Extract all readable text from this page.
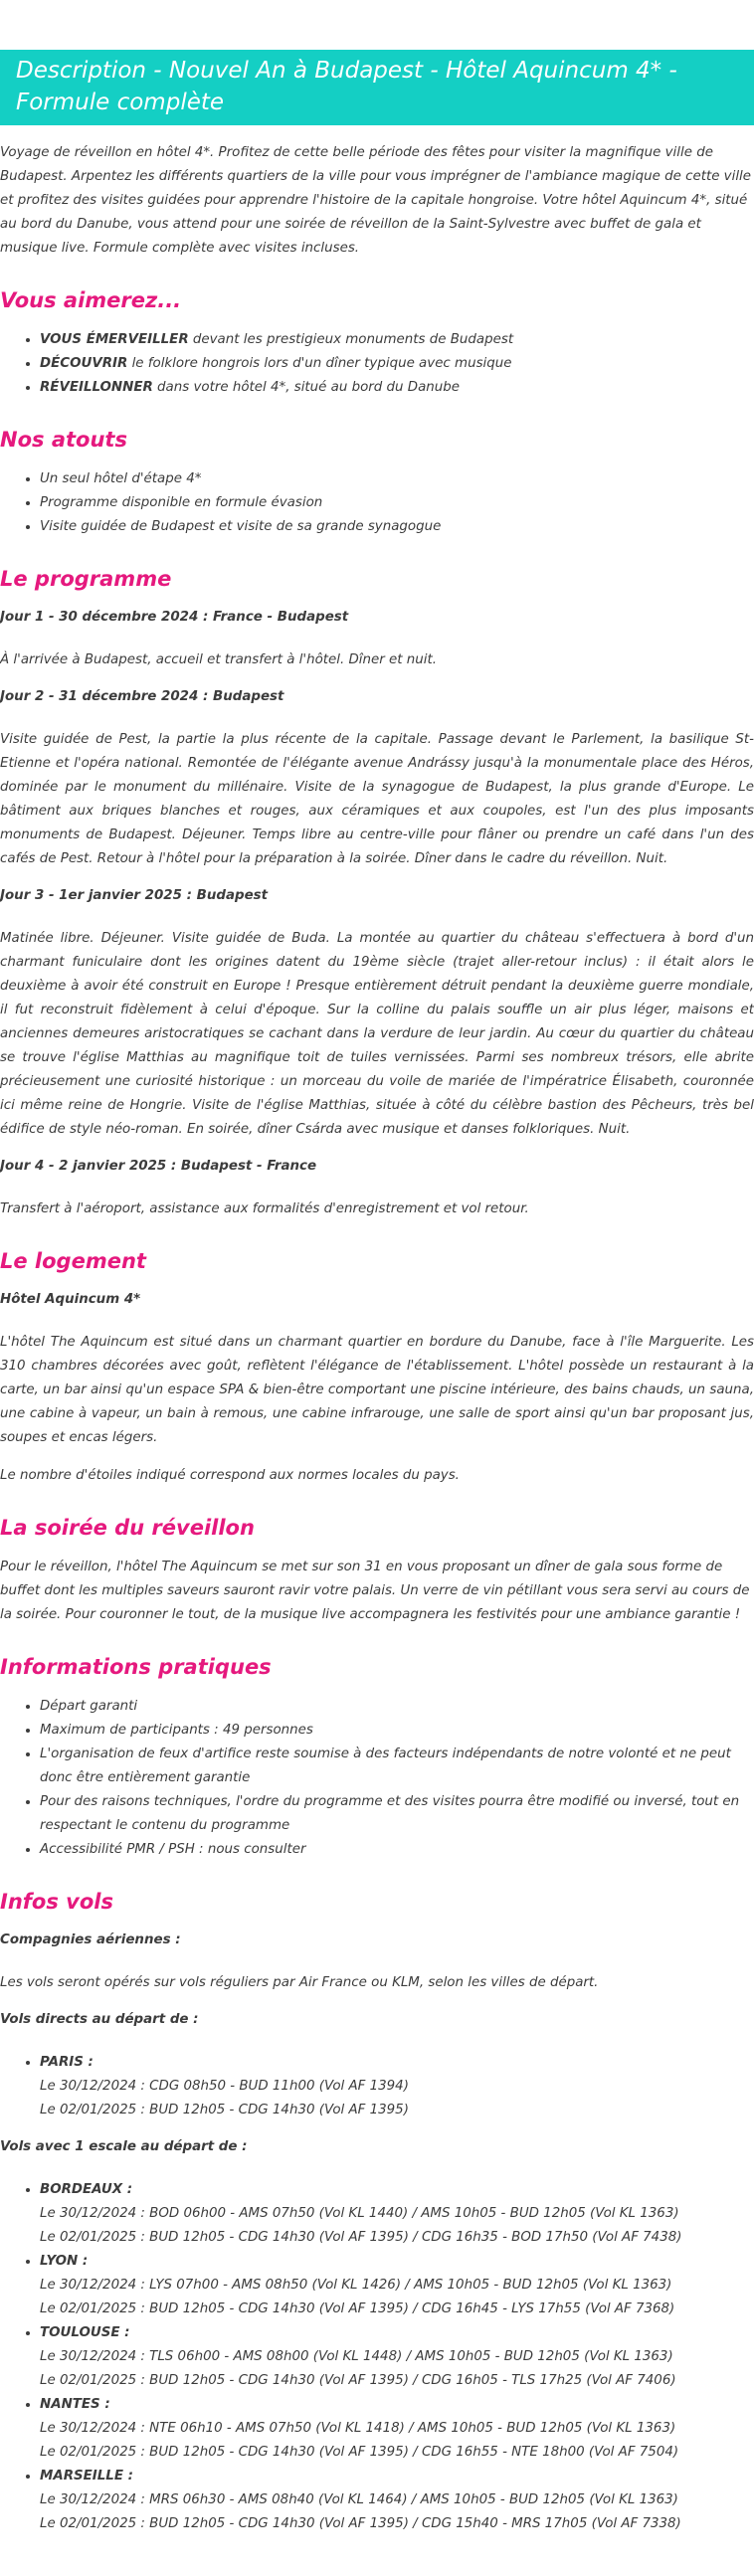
Description - Nouvel An à Budapest - Hôtel Aquincum 4* - Formule complète

Voyage de réveillon en hôtel 4*. Profitez de cette belle période des fêtes pour visiter la magnifique ville de Budapest. Arpentez les différents quartiers de la ville pour vous imprégner de l'ambiance magique de cette ville et profitez des visites guidées pour apprendre l'histoire de la capitale hongroise. Votre hôtel Aquincum 4*, situé au bord du Danube, vous attend pour une soirée de réveillon de la Saint-Sylvestre avec buffet de gala et musique live. Formule complète avec visites incluses.

Vous aimerez...
• VOUS ÉMERVEILLER devant les prestigieux monuments de Budapest
• DÉCOUVRIR le folklore hongrois lors d'un dîner typique avec musique
• RÉVEILLONNER dans votre hôtel 4*, situé au bord du Danube
Nos atouts
• Un seul hôtel d'étape 4*
• Programme disponible en formule évasion
• Visite guidée de Budapest et visite de sa grande synagogue
Le programme
Jour 1 - 30 décembre 2024 : France - Budapest

À l'arrivée à Budapest, accueil et transfert à l'hôtel. Dîner et nuit.

Jour 2 - 31 décembre 2024 : Budapest

Visite guidée de Pest, la partie la plus récente de la capitale. Passage devant le Parlement, la basilique St-Etienne et l'opéra national. Remontée de l'élégante avenue Andrássy jusqu'à la monumentale place des Héros, dominée par le monument du millénaire. Visite de la synagogue de Budapest, la plus grande d'Europe. Le bâtiment aux briques blanches et rouges, aux céramiques et aux coupoles, est l'un des plus imposants monuments de Budapest. Déjeuner. Temps libre au centre-ville pour flâner ou prendre un café dans l'un des cafés de Pest. Retour à l'hôtel pour la préparation à la soirée. Dîner dans le cadre du réveillon. Nuit.

Jour 3 - 1er janvier 2025 : Budapest

Matinée libre. Déjeuner. Visite guidée de Buda. La montée au quartier du château s'effectuera à bord d'un charmant funiculaire dont les origines datent du 19ème siècle (trajet aller-retour inclus) : il était alors le deuxième à avoir été construit en Europe ! Presque entièrement détruit pendant la deuxième guerre mondiale, il fut reconstruit fidèlement à celui d'époque. Sur la colline du palais souffle un air plus léger, maisons et anciennes demeures aristocratiques se cachant dans la verdure de leur jardin. Au cœur du quartier du château se trouve l'église Matthias au magnifique toit de tuiles vernissées. Parmi ses nombreux trésors, elle abrite précieusement une curiosité historique : un morceau du voile de mariée de l'impératrice Élisabeth, couronnée ici même reine de Hongrie. Visite de l'église Matthias, située à côté du célèbre bastion des Pêcheurs, très bel édifice de style néo-roman. En soirée, dîner Csárda avec musique et danses folkloriques. Nuit.

Jour 4 - 2 janvier 2025 : Budapest - France

Transfert à l'aéroport, assistance aux formalités d'enregistrement et vol retour.

Le logement
Hôtel Aquincum 4*

L'hôtel The Aquincum est situé dans un charmant quartier en bordure du Danube, face à l'île Marguerite. Les 310 chambres décorées avec goût, reflètent l'élégance de l'établissement. L'hôtel possède un restaurant à la carte, un bar ainsi qu'un espace SPA & bien-être comportant une piscine intérieure, des bains chauds, un sauna, une cabine à vapeur, un bain à remous, une cabine infrarouge, une salle de sport ainsi qu'un bar proposant jus, soupes et encas légers.

Le nombre d'étoiles indiqué correspond aux normes locales du pays.

La soirée du réveillon

Pour le réveillon, l'hôtel The Aquincum se met sur son 31 en vous proposant un dîner de gala sous forme de buffet dont les multiples saveurs sauront ravir votre palais. Un verre de vin pétillant vous sera servi au cours de la soirée. Pour couronner le tout, de la musique live accompagnera les festivités pour une ambiance garantie !

Informations pratiques
• Départ garanti
• Maximum de participants : 49 personnes
• L'organisation de feux d'artifice reste soumise à des facteurs indépendants de notre volonté et ne peut donc être entièrement garantie
• Pour des raisons techniques, l'ordre du programme et des visites pourra être modifié ou inversé, tout en respectant le contenu du programme
• Accessibilité PMR / PSH : nous consulter
Infos vols
Compagnies aériennes :

Les vols seront opérés sur vols réguliers par Air France ou KLM, selon les villes de départ.

Vols directs au départ de :
• PARIS :
Le 30/12/2024 : CDG 08h50 - BUD 11h00 (Vol AF 1394)
Le 02/01/2025 : BUD 12h05 - CDG 14h30 (Vol AF 1395)
Vols avec 1 escale au départ de :
• BORDEAUX :
Le 30/12/2024 : BOD 06h00 - AMS 07h50 (Vol KL 1440) / AMS 10h05 - BUD 12h05 (Vol KL 1363)
Le 02/01/2025 : BUD 12h05 - CDG 14h30 (Vol AF 1395) / CDG 16h35 - BOD 17h50 (Vol AF 7438)
• LYON :
Le 30/12/2024 : LYS 07h00 - AMS 08h50 (Vol KL 1426) / AMS 10h05 - BUD 12h05 (Vol KL 1363)
Le 02/01/2025 : BUD 12h05 - CDG 14h30 (Vol AF 1395) / CDG 16h45 - LYS 17h55 (Vol AF 7368)
• TOULOUSE :
Le 30/12/2024 : TLS 06h00 - AMS 08h00 (Vol KL 1448) / AMS 10h05 - BUD 12h05 (Vol KL 1363)
Le 02/01/2025 : BUD 12h05 - CDG 14h30 (Vol AF 1395) / CDG 16h05 - TLS 17h25 (Vol AF 7406)
• NANTES :
Le 30/12/2024 : NTE 06h10 - AMS 07h50 (Vol KL 1418) / AMS 10h05 - BUD 12h05 (Vol KL 1363)
Le 02/01/2025 : BUD 12h05 - CDG 14h30 (Vol AF 1395) / CDG 16h55 - NTE 18h00 (Vol AF 7504)
• MARSEILLE :
Le 30/12/2024 : MRS 06h30 - AMS 08h40 (Vol KL 1464) / AMS 10h05 - BUD 12h05 (Vol KL 1363)
Le 02/01/2025 : BUD 12h05 - CDG 14h30 (Vol AF 1395) / CDG 15h40 - MRS 17h05 (Vol AF 7338)
